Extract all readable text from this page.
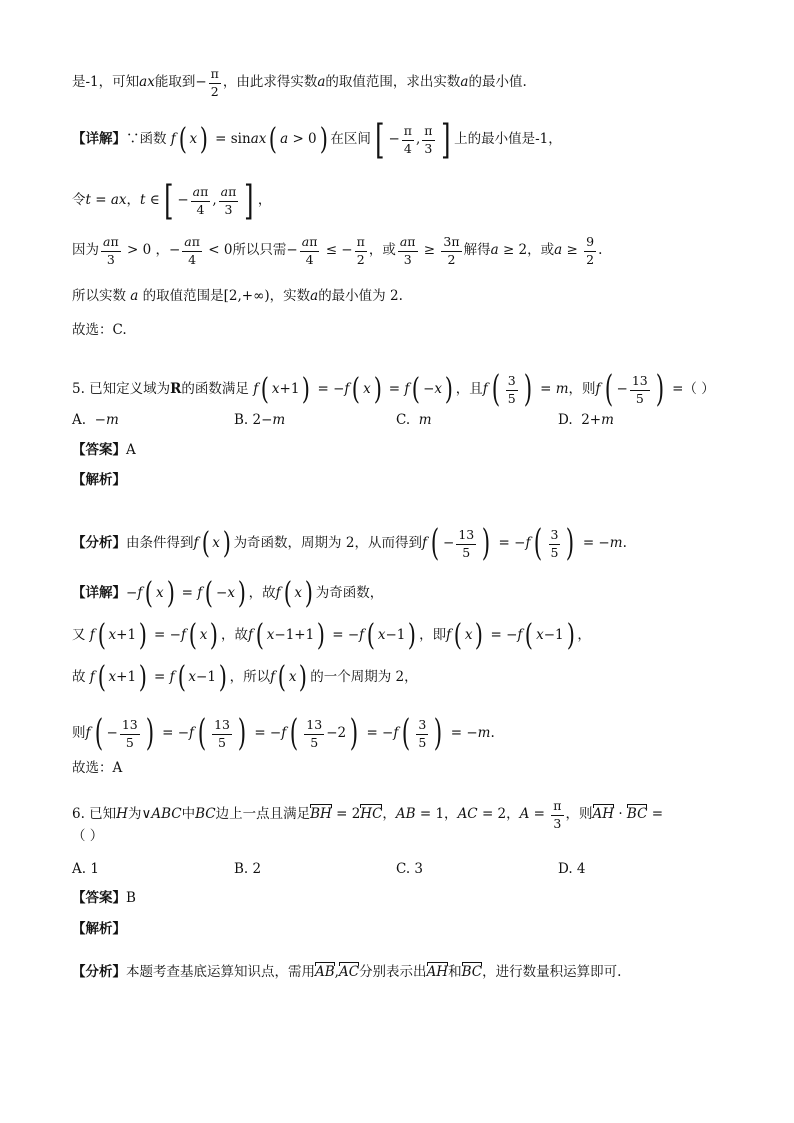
是-1，可知 ax 能取到 − $\frac{\pi}{2}$ ，由此求得实数 a 的取值范围，求出实数 a 的最小值.
【详解】 ∵函数 f ( x ) = sin ax ( a > 0 ) 在区间 [ − $\frac{\pi}{4}$ , $\frac{\pi}{3}$ ] 上的最小值是-1，
令 t = ax ， t ∈ [ − $\frac{a\pi}{4}$ , $\frac{a\pi}{3}$ ] ，
因为 $\frac{a\pi}{3} > 0$ ，− $\frac{a\pi}{4} < 0$ 所以只需 − $\frac{a\pi}{4}$ ≤ − $\frac{\pi}{2}$ ，或 $\frac{a\pi}{3} \ge \frac{3\pi}{2}$ 解得 a ≥ 2 ，或 $a \ge \frac{9}{2}$ .
所以实数 a 的取值范围是 [2,+∞) ，实数 a 的最小值为 2.
故选：C.
5. 已知定义域为 R 的函数满足 f ( x +1 ) = − f ( x ) = f ( − x ) ，且 f ( $\frac{3}{5}$ ) = m ，则 f ( − $\frac{13}{5}$ ) = （ ）
A. −m	B. 2−m	C. m	D.  2+m
【答案】 A
【解析】
【分析】 由条件得到 f ( x ) 为奇函数，周期为 2，从而得到 f ( − $\frac{13}{5}$ ) = − f ( $\frac{3}{5}$ ) = − m .
【详解】 − f ( x ) = f ( − x ) ，故 f ( x ) 为奇函数，
又 f ( x +1 ) = − f ( x ) ，故 f ( x −1+1 ) = − f ( x −1 ) ，即 f ( x ) = − f ( x −1 ) ，
故 f ( x +1 ) = f ( x −1 ) ，所以 f ( x ) 的一个周期为 2，
则 f ( − $\frac{13}{5}$ ) = − f ( $\frac{13}{5}$ ) = − f ( $\frac{13}{5} -2$ ) = − f ( $\frac{3}{5}$ ) = − m .
故选：A
6. 已知 H 为 ∨ ABC 中 BC 边上一点且满足 BH = 2 HC ， AB = 1， AC = 2， $A = \frac{\pi}{3}$ ，则 AH · BC =
（ ）
A. 1	B. 2	C. 3	D. 4
【答案】 B
【解析】
【分析】 本题考查基底运算知识点，需用 AB , AC 分别表示出 AH 和 BC ，进行数量积运算即可.
